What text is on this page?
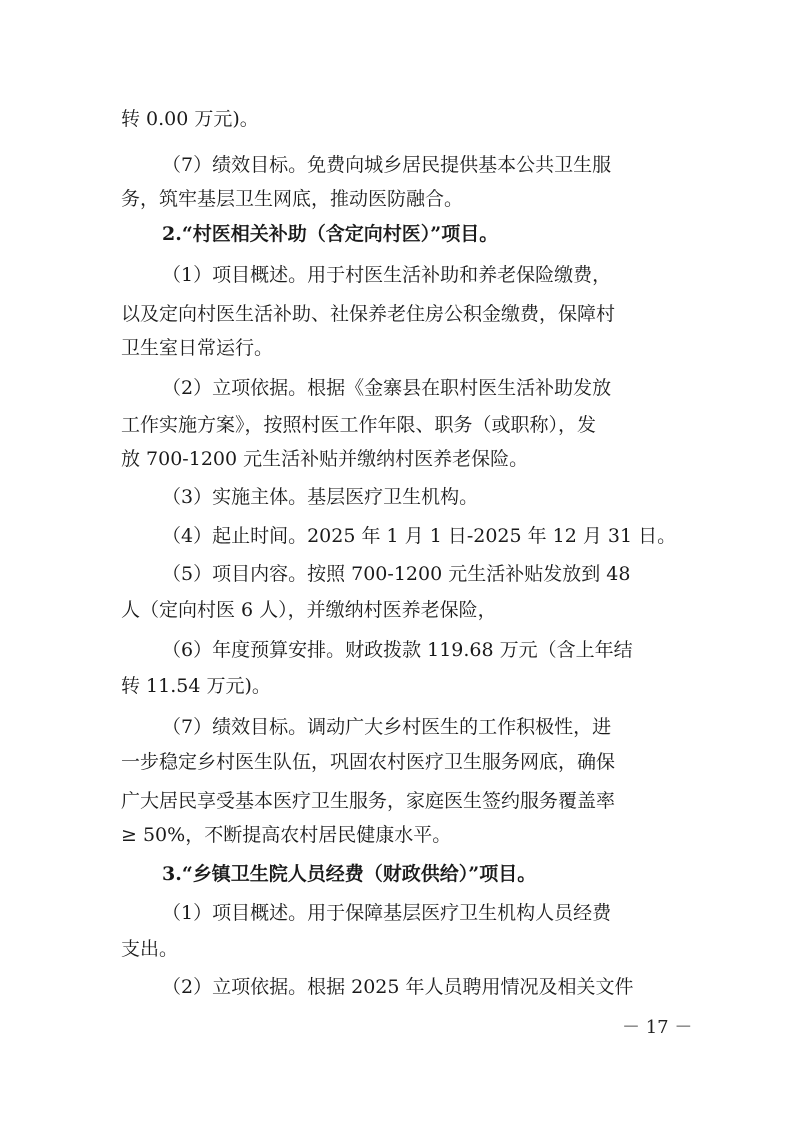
转 0.00 万元)。
（7）绩效目标。免费向城乡居民提供基本公共卫生服
务，筑牢基层卫生网底，推动医防融合。
2.“村医相关补助（含定向村医）”项目。
（1）项目概述。用于村医生活补助和养老保险缴费，
以及定向村医生活补助、社保养老住房公积金缴费，保障村
卫生室日常运行。
（2）立项依据。根据《金寨县在职村医生活补助发放
工作实施方案》，按照村医工作年限、职务（或职称），发
放 700-1200 元生活补贴并缴纳村医养老保险。
（3）实施主体。基层医疗卫生机构。
（4）起止时间。2025 年 1 月 1 日-2025 年 12 月 31 日。
（5）项目内容。按照 700-1200 元生活补贴发放到 48
人（定向村医 6 人），并缴纳村医养老保险，
（6）年度预算安排。财政拨款 119.68 万元（含上年结
转 11.54 万元)。
（7）绩效目标。调动广大乡村医生的工作积极性，进
一步稳定乡村医生队伍，巩固农村医疗卫生服务网底，确保
广大居民享受基本医疗卫生服务，家庭医生签约服务覆盖率
≥ 50%，不断提高农村居民健康水平。
3.“乡镇卫生院人员经费（财政供给）”项目。
（1）项目概述。用于保障基层医疗卫生机构人员经费
支出。
（2）立项依据。根据 2025 年人员聘用情况及相关文件
－ 17 －
